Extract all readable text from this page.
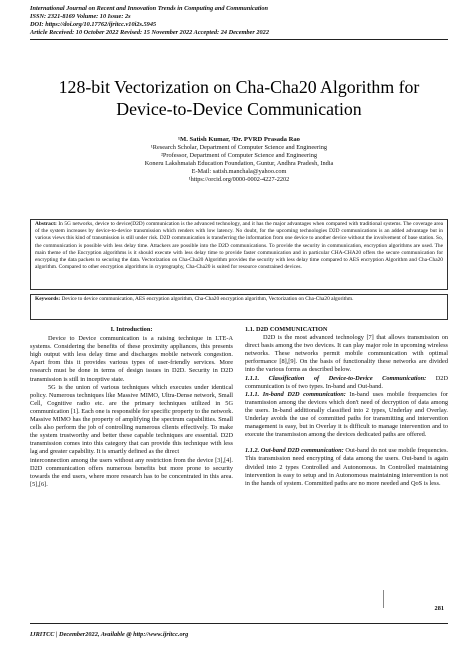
International Journal on Recent and Innovation Trends in Computing and Communication
ISSN: 2321-8169 Volume: 10 Issue: 2s
DOI: https://doi.org/10.17762/ijritcc.v10i2s.5945
Article Received: 10 October 2022 Revised: 15 November 2022 Accepted: 24 December 2022
128-bit Vectorization on Cha-Cha20 Algorithm for
Device-to-Device Communication
¹M. Satish Kumar, ²Dr. PVRD Prasada Rao
¹Research Scholar, Department of Computer Science and Engineering
²Professor, Department of Computer Science and Engineering
Koneru Lakshmaiah Education Foundation, Guntur, Andhra Pradesh, India
E-Mail: satish.manchala@yahoo.com
¹https://orcid.org/0000-0002-4227-2202

Abstract: In 5G networks, device to device(D2D) communication is the advanced technology, and it has the major advantages when compared with traditional systems. The coverage area of the system increases by device-to-device transmission which renders with low latency. No doubt, for the upcoming technologies D2D communications is an added advantage but in various views this kind of transmission is still under risk. D2D communication is transferring the information from one device to another device without the involvement of base station. So, the communication is possible with less delay time. Attackers are possible into the D2D communications. To provide the security in communication, encryption algorithms are used. The main theme of the Encryption algorithms is it should execute with less delay time to provide faster communication and in particular CHA-CHA20 offers the secure communication for encrypting the data packets to securing the data. Vectorization on Cha-Cha20 Algorithm provides the security with less delay time compared to AES encryption Algorithm and Cha-Cha20 algorithm. Compared to other encryption algorithms in cryptography, Cha-Cha20 is suited for resource constrained devices.

Keywords: Device to device communication, AES encryption algorithm, Cha-Cha20 encryption algorithm, Vectorization on Cha-Cha20 algorithm.

I. Introduction:

Device to Device communication is a raising technique in LTE-A systems. Considering the benefits of these proximity appliances, this presents high output with less delay time and discharges mobile network congestion. Apart from this it provides various types of user-friendly services. More research must be done in terms of design issues in D2D. Security in D2D transmission is still in inceptive state.

5G is the union of various techniques which executes under identical policy. Numerous techniques like Massive MIMO, Ultra-Dense network, Small Cell, Cognitive radio etc. are the primary techniques utilized in 5G communication [1]. Each one is responsible for specific property to the network. Massive MIMO has the property of amplifying the spectrum capabilities. Small cells also perform the job of controlling numerous clients effectively. To make the system trustworthy and better these capable techniques are essential. D2D transmission comes into this category that can provide this technique with less lag and greater capability. It is smartly defined as the direct

interconnection among the users without any restriction from the device [3],[4]. D2D communication offers numerous benefits but more prone to security towards the end users, where more research has to be concentrated in this area.[5],[6].

1.1. D2D COMMUNICATION

D2D is the most advanced technology [7] that allows transmission on direct basis among the two devices. It can play major role in upcoming wireless networks. These networks permit mobile communication with optimal performance [8],[9]. On the basis of functionality these networks are divided into the various forms as described below.

1.1.1. Classification of Device-to-Device Communication: D2D communication is of two types. In-band and Out-band.

1.1.1. In-band D2D communication: In-band uses mobile frequencies for transmission among the devices which don't need of decryption of data among the users. In-band additionally classified into 2 types, Underlay and Overlay. Underlay avoids the use of committed paths for transmitting and intervention management is easy, but in Overlay it is difficult to manage intervention and to execute the transmission among the devices dedicated paths are offered.

1.1.2. Out-band D2D communication: Out-band do not use mobile frequencies. This transmission need encrypting of data among the users. Out-band is again divided into 2 types Controlled and Autonomous. In Controlled maintaining intervention is easy to setup and in Autonomous maintaining intervention is not in the hands of system. Committed paths are no more needed and QoS is less.

281
IJRITCC | December2022, Available @ http://www.ijritcc.org
